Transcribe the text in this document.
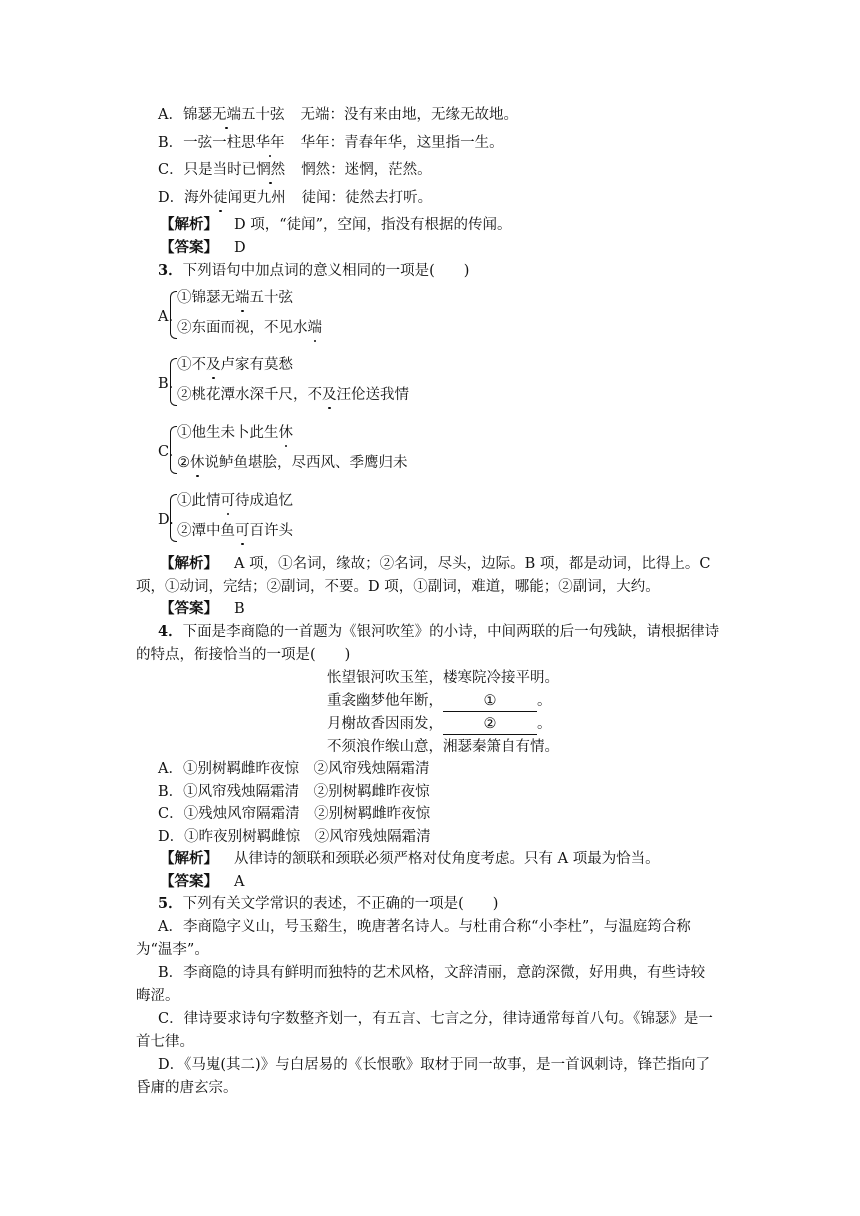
A．锦瑟无端五十弦 无端：没有来由地，无缘无故地。
B．一弦一柱思华年 华年：青春年华，这里指一生。
C．只是当时已惘然 惘然：迷惘，茫然。
D．海外徒闻更九州 徒闻：徒然去打听。
【解析】 D 项，“徒闻”，空闻，指没有根据的传闻。
【答案】 D
3．下列语句中加点词的意义相同的一项是(　　)
A.
①锦瑟无端五十弦
②东面而视，不见水端
B.
①不及卢家有莫愁
②桃花潭水深千尺，不及汪伦送我情
C.
①他生未卜此生休
②休说鲈鱼堪脍，尽西风、季鹰归未
D.
①此情可待成追忆
②潭中鱼可百许头
【解析】 A 项，①名词，缘故；②名词，尽头，边际。B 项，都是动词，比得上。C
项，①动词，完结；②副词，不要。D 项，①副词，难道，哪能；②副词，大约。
【答案】 B
4．下面是李商隐的一首题为《银河吹笙》的小诗，中间两联的后一句残缺，请根据律诗
的特点，衔接恰当的一项是(　　)
怅望银河吹玉笙，楼寒院冷接平明。
重衾幽梦他年断，	①	。
月榭故香因雨发，	②	。
不须浪作缑山意，湘瑟秦箫自有情。
A．①别树羁雌昨夜惊　②风帘残烛隔霜清
B．①风帘残烛隔霜清　②别树羁雌昨夜惊
C．①残烛风帘隔霜清　②别树羁雌昨夜惊
D．①昨夜别树羁雌惊　②风帘残烛隔霜清
【解析】 从律诗的颔联和颈联必须严格对仗角度考虑。只有 A 项最为恰当。
【答案】 A
5．下列有关文学常识的表述，不正确的一项是(　　)
A．李商隐字义山，号玉谿生，晚唐著名诗人。与杜甫合称“小李杜”，与温庭筠合称
为“温李”。
B．李商隐的诗具有鲜明而独特的艺术风格，文辞清丽，意韵深微，好用典，有些诗较
晦涩。
C．律诗要求诗句字数整齐划一，有五言、七言之分，律诗通常每首八句。《锦瑟》是一
首七律。
D．《马嵬(其二)》与白居易的《长恨歌》取材于同一故事，是一首讽刺诗，锋芒指向了
昏庸的唐玄宗。
